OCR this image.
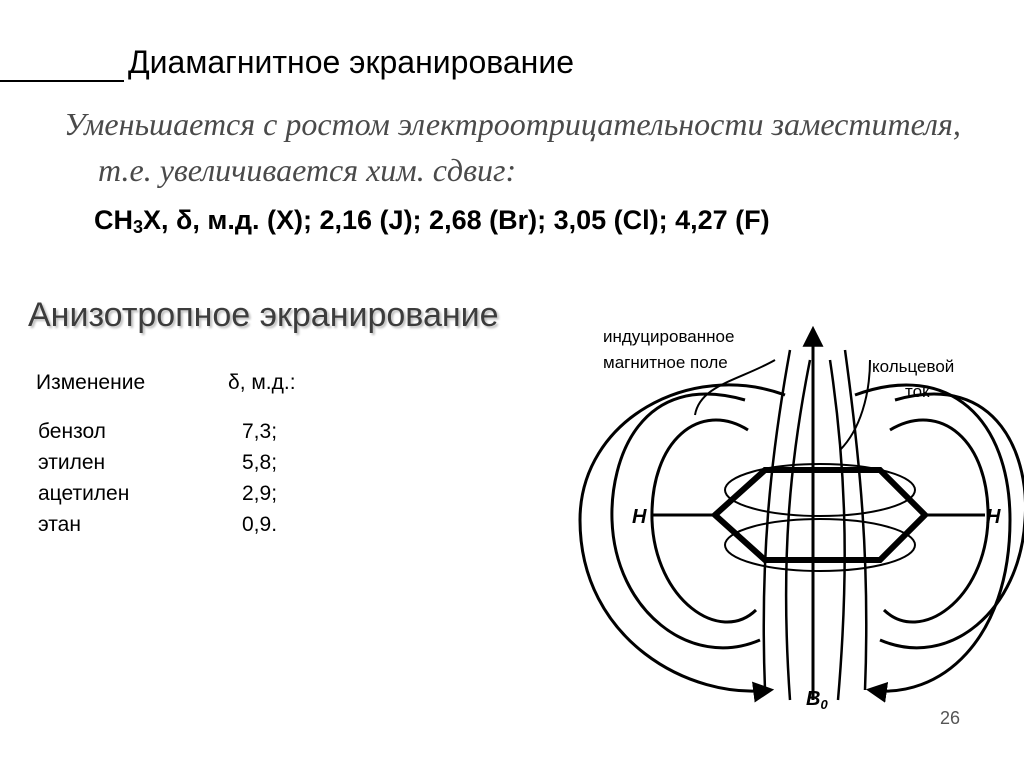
Диамагнитное экранирование
Уменьшается с ростом электроотрицательности заместителя,
т.е. увеличивается хим. сдвиг:
$CH_3X$, δ, м.д. (X); 2,16 (J); 2,68 (Br); 3,05 (Cl); 4,27 (F)
Анизотропное экранирование
Изменение	δ, м.д.:
бензол	7,3;
этилен	5,8;
ацетилен	2,9;
этан	0,9.
индуцированное
магнитное поле	кольцевой
ток
H	H
$B_0$
26
